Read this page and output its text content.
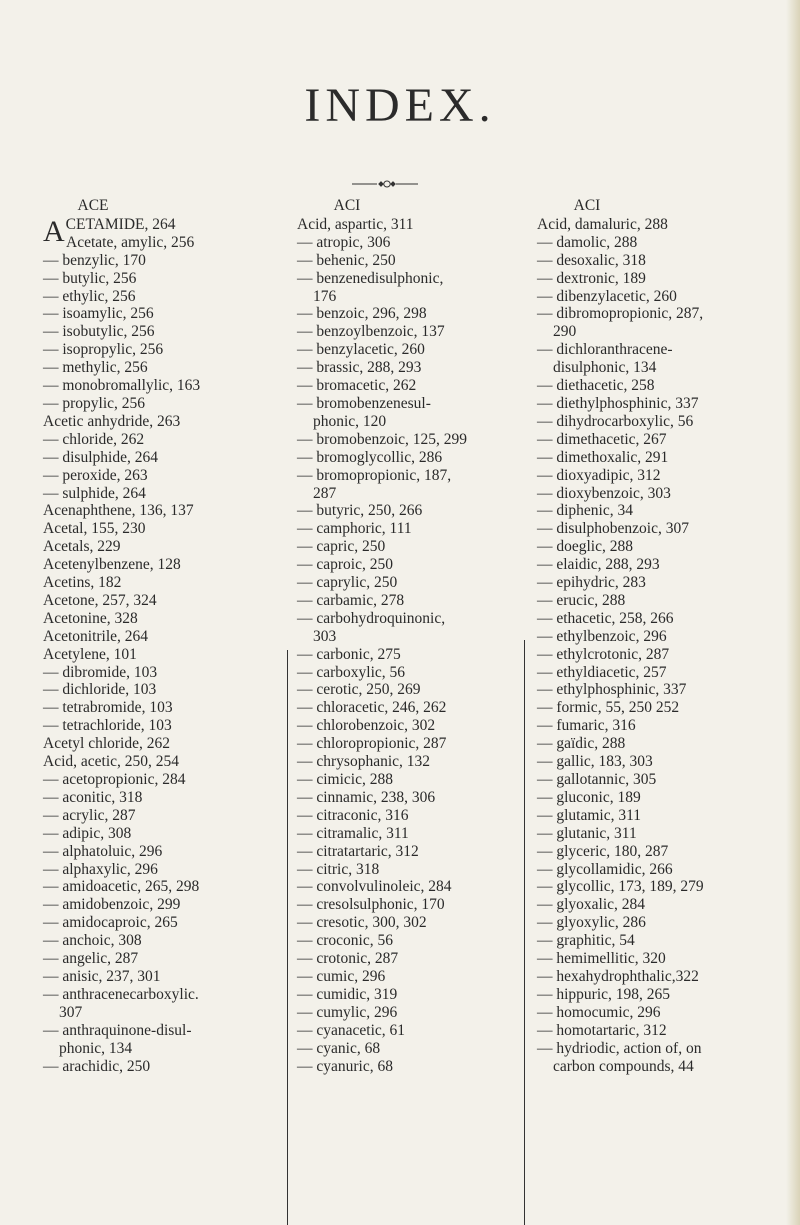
INDEX.
ACE
ACETAMIDE, 264
Acetate, amylic, 256
— benzylic, 170
— butylic, 256
— ethylic, 256
— isoamylic, 256
— isobutylic, 256
— isopropylic, 256
— methylic, 256
— monobromallylic, 163
— propylic, 256
Acetic anhydride, 263
— chloride, 262
— disulphide, 264
— peroxide, 263
— sulphide, 264
Acenaphthene, 136, 137
Acetal, 155, 230
Acetals, 229
Acetenylbenzene, 128
Acetins, 182
Acetone, 257, 324
Acetonine, 328
Acetonitrile, 264
Acetylene, 101
— dibromide, 103
— dichloride, 103
— tetrabromide, 103
— tetrachloride, 103
Acetyl chloride, 262
Acid, acetic, 250, 254
— acetopropionic, 284
— aconitic, 318
— acrylic, 287
— adipic, 308
— alphatoluic, 296
— alphaxylic, 296
— amidoacetic, 265, 298
— amidobenzoic, 299
— amidocaproic, 265
— anchoic, 308
— angelic, 287
— anisic, 237, 301
— anthracenecarboxylic.
307
— anthraquinone-disul-
phonic, 134
— arachidic, 250
ACI
Acid, aspartic, 311
— atropic, 306
— behenic, 250
— benzenedisulphonic,
176
— benzoic, 296, 298
— benzoylbenzoic, 137
— benzylacetic, 260
— brassic, 288, 293
— bromacetic, 262
— bromobenzenesul-
phonic, 120
— bromobenzoic, 125, 299
— bromoglycollic, 286
— bromopropionic, 187,
287
— butyric, 250, 266
— camphoric, 111
— capric, 250
— caproic, 250
— caprylic, 250
— carbamic, 278
— carbohydroquinonic,
303
— carbonic, 275
— carboxylic, 56
— cerotic, 250, 269
— chloracetic, 246, 262
— chlorobenzoic, 302
— chloropropionic, 287
— chrysophanic, 132
— cimicic, 288
— cinnamic, 238, 306
— citraconic, 316
— citramalic, 311
— citratartaric, 312
— citric, 318
— convolvulinoleic, 284
— cresolsulphonic, 170
— cresotic, 300, 302
— croconic, 56
— crotonic, 287
— cumic, 296
— cumidic, 319
— cumylic, 296
— cyanacetic, 61
— cyanic, 68
— cyanuric, 68
ACI
Acid, damaluric, 288
— damolic, 288
— desoxalic, 318
— dextronic, 189
— dibenzylacetic, 260
— dibromopropionic, 287,
290
— dichloranthracene-
disulphonic, 134
— diethacetic, 258
— diethylphosphinic, 337
— dihydrocarboxylic, 56
— dimethacetic, 267
— dimethoxalic, 291
— dioxyadipic, 312
— dioxybenzoic, 303
— diphenic, 34
— disulphobenzoic, 307
— doeglic, 288
— elaidic, 288, 293
— epihydric, 283
— erucic, 288
— ethacetic, 258, 266
— ethylbenzoic, 296
— ethylcrotonic, 287
— ethyldiacetic, 257
— ethylphosphinic, 337
— formic, 55, 250 252
— fumaric, 316
— gaïdic, 288
— gallic, 183, 303
— gallotannic, 305
— gluconic, 189
— glutamic, 311
— glutanic, 311
— glyceric, 180, 287
— glycollamidic, 266
— glycollic, 173, 189, 279
— glyoxalic, 284
— glyoxylic, 286
— graphitic, 54
— hemimellitic, 320
— hexahydrophthalic,322
— hippuric, 198, 265
— homocumic, 296
— homotartaric, 312
— hydriodic, action of, on
carbon compounds, 44
